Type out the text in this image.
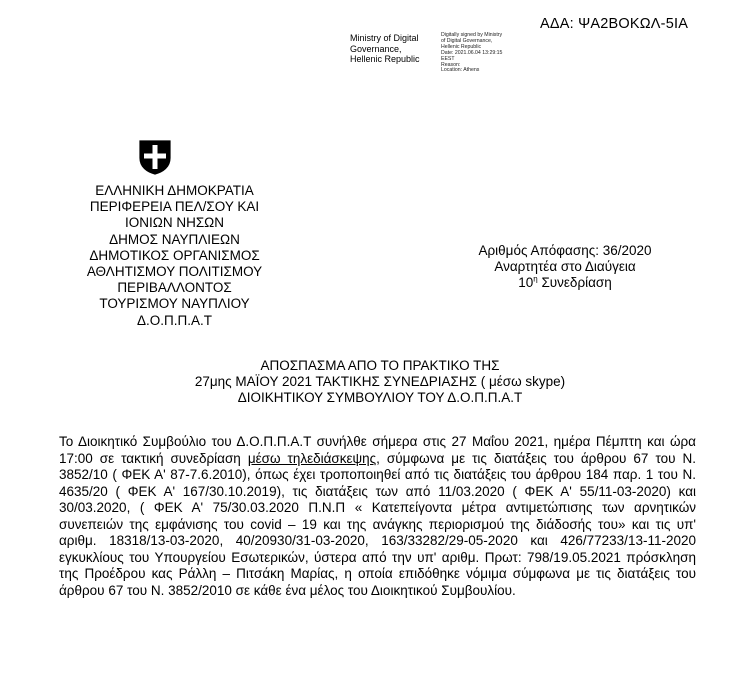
ΑΔΑ: ΨΑ2ΒΟΚΩΛ-5ΙΑ
Ministry of Digital
Governance,
Hellenic Republic
Digitally signed by Ministry
of Digital Governance,
Hellenic Republic
Date: 2021.06.04 13:29:15
EEST
Reason:
Location: Athens
ΕΛΛΗΝΙΚΗ ΔΗΜΟΚΡΑΤΙΑ
ΠΕΡΙΦΕΡΕΙΑ ΠΕΛ/ΣΟΥ ΚΑΙ
ΙΟΝΙΩΝ ΝΗΣΩΝ
ΔΗΜΟΣ ΝΑΥΠΛΙΕΩΝ
ΔΗΜΟΤΙΚΟΣ ΟΡΓΑΝΙΣΜΟΣ
ΑΘΛΗΤΙΣΜΟΥ ΠΟΛΙΤΙΣΜΟΥ
ΠΕΡΙΒΑΛΛΟΝΤΟΣ
ΤΟΥΡΙΣΜΟΥ ΝΑΥΠΛΙΟΥ
Δ.Ο.Π.Π.Α.Τ
Αριθμός Απόφασης: 36/2020
Αναρτητέα στο Διαύγεια
$10^\eta$ Συνεδρίαση
ΑΠΟΣΠΑΣΜΑ ΑΠΟ ΤΟ ΠΡΑΚΤΙΚΟ ΤΗΣ
27μης ΜΑΪΟΥ 2021 ΤΑΚΤΙΚΗΣ ΣΥΝΕΔΡΙΑΣΗΣ ( μέσω skype)
ΔΙΟΙΚΗΤΙΚΟΥ ΣΥΜΒΟΥΛΙΟΥ ΤΟΥ Δ.Ο.Π.Π.Α.Τ
Το Διοικητικό Συμβούλιο του Δ.Ο.Π.Π.Α.Τ συνήλθε σήμερα στις 27 Μαΐου 2021, ημέρα Πέμπτη και ώρα 17:00 σε τακτική συνεδρίαση μέσω τηλεδιάσκεψης, σύμφωνα με τις διατάξεις του άρθρου 67 του Ν. 3852/10 ( ΦΕΚ Α' 87-7.6.2010), όπως έχει τροποποιηθεί από τις διατάξεις του άρθρου 184 παρ. 1 του Ν. 4635/20 ( ΦΕΚ Α' 167/30.10.2019), τις διατάξεις των από 11/03.2020 ( ΦΕΚ Α' 55/11-03-2020) και 30/03.2020, ( ΦΕΚ Α' 75/30.03.2020 Π.Ν.Π « Κατεπείγοντα μέτρα αντιμετώπισης των αρνητικών συνεπειών της εμφάνισης του covid – 19 και της ανάγκης περιορισμού της διάδοσής του» και τις υπ' αριθμ. 18318/13-03-2020, 40/20930/31-03-2020, 163/33282/29-05-2020 και 426/77233/13-11-2020 εγκυκλίους του Υπουργείου Εσωτερικών, ύστερα από την υπ' αριθμ. Πρωτ: 798/19.05.2021 πρόσκληση της Προέδρου κας Ράλλη – Πιτσάκη Μαρίας, η οποία επιδόθηκε νόμιμα σύμφωνα με τις διατάξεις του άρθρου 67 του Ν. 3852/2010 σε κάθε ένα μέλος του Διοικητικού Συμβουλίου.
